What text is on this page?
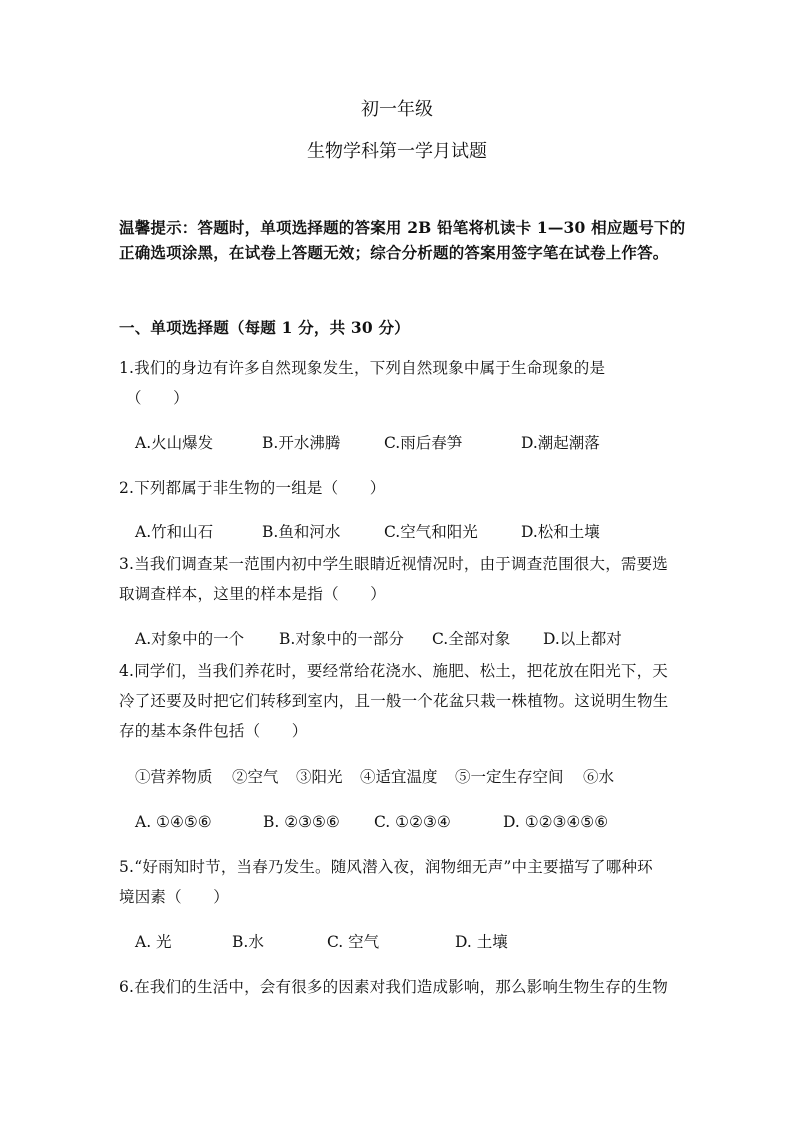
初一年级
生物学科第一学月试题
温馨提示：答题时，单项选择题的答案用 2B 铅笔将机读卡 1—30 相应题号下的
正确选项涂黑，在试卷上答题无效；综合分析题的答案用签字笔在试卷上作答。
一、单项选择题（每题 1 分，共 30 分）
1.我们的身边有许多自然现象发生，下列自然现象中属于生命现象的是
（　　）
A.火山爆发	B.开水沸腾	C.雨后春笋	D.潮起潮落
2.下列都属于非生物的一组是（　　）
A.竹和山石	B.鱼和河水	C.空气和阳光	D.松和土壤
3.当我们调查某一范围内初中学生眼睛近视情况时，由于调查范围很大，需要选
取调查样本，这里的样本是指（　　）
A.对象中的一个 B.对象中的一部分 C.全部对象 D.以上都对
4.同学们，当我们养花时，要经常给花浇水、施肥、松土，把花放在阳光下，天
冷了还要及时把它们转移到室内，且一般一个花盆只栽一株植物。这说明生物生
存的基本条件包括（　　）
①营养物质 ②空气 ③阳光 ④适宜温度 ⑤一定生存空间 ⑥水
A. ①④⑤⑥	B. ②③⑤⑥ C. ①②③④	D. ①②③④⑤⑥
5.“好雨知时节，当春乃发生。随风潜入夜，润物细无声”中主要描写了哪种环
境因素（　　）
A. 光	B.水	C. 空气	D. 土壤
6.在我们的生活中，会有很多的因素对我们造成影响，那么影响生物生存的生物
